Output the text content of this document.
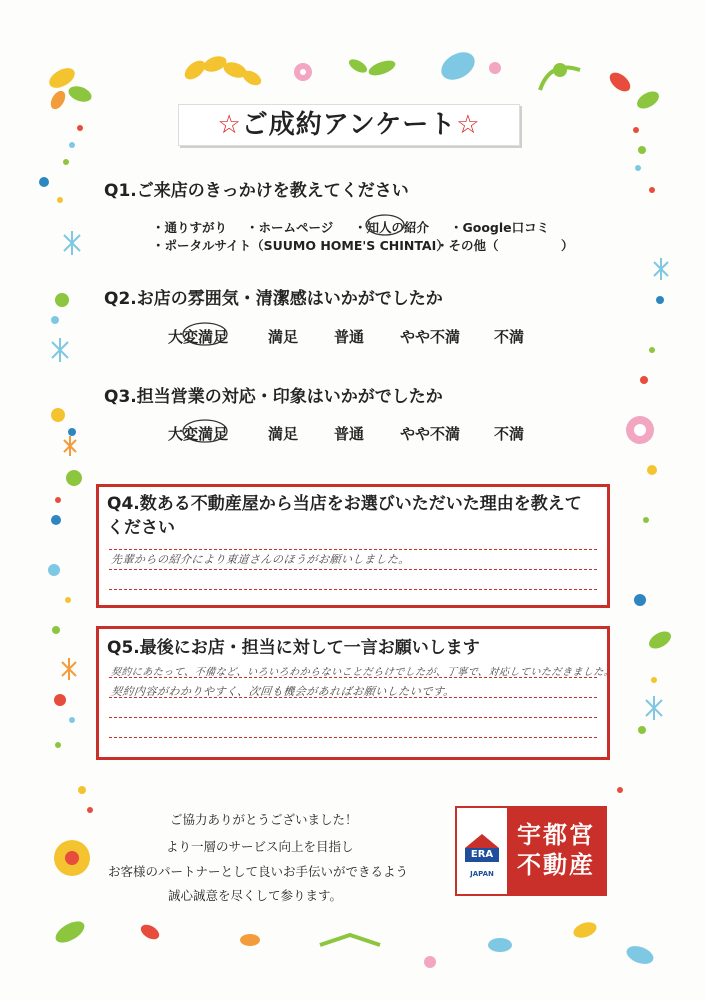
☆ご成約アンケート☆
Q1.ご来店のきっかけを教えてください
・通りすがり ・ホームページ ・知人の紹介 ・Google口コミ
・ポータルサイト（SUUMO HOME'S CHINTAI）
・その他（　　　　　）
Q2.お店の雰囲気・清潔感はいかがでしたか
大変満足	満足 普通 やや不満 不満
Q3.担当営業の対応・印象はいかがでしたか
大変満足	満足 普通 やや不満 不満
Q4.数ある不動産屋から当店をお選びいただいた理由を教えて
ください
先輩からの紹介により東道さんのほうがお願いしました。
Q5.最後にお店・担当に対して一言お願いします
契約にあたって、不備など、いろいろわからないことだらけでしたが、丁寧で、対応していただきました。
契約内容がわかりやすく、次回も機会があればお願いしたいです。
ご協力ありがとうございました！
より一層のサービス向上を目指し
お客様のパートナーとして良いお手伝いができるよう
誠心誠意を尽くして参ります。
ERA
JAPAN
宇都宮
不動産
